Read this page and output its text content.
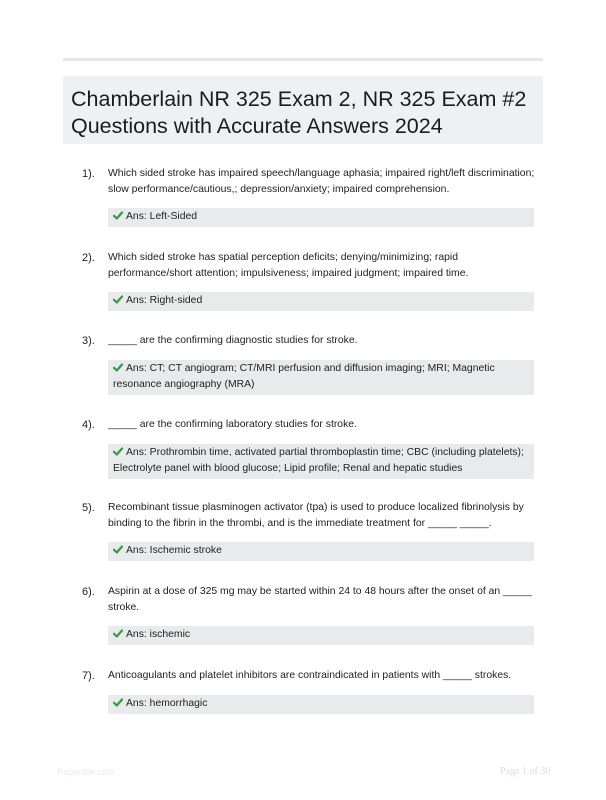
Chamberlain NR 325 Exam 2, NR 325 Exam #2 Questions with Accurate Answers 2024
1). Which sided stroke has impaired speech/language aphasia; impaired right/left discrimination; slow performance/cautious,; depression/anxiety; impaired comprehension.
Ans: Left-Sided
2). Which sided stroke has spatial perception deficits; denying/minimizing; rapid performance/short attention; impulsiveness; impaired judgment; impaired time.
Ans: Right-sided
3). _____ are the confirming diagnostic studies for stroke.
Ans: CT; CT angiogram; CT/MRI perfusion and diffusion imaging; MRI; Magnetic resonance angiography (MRA)
4). _____ are the confirming laboratory studies for stroke.
Ans: Prothrombin time, activated partial thromboplastin time; CBC (including platelets); Electrolyte panel with blood glucose; Lipid profile; Renal and hepatic studies
5). Recombinant tissue plasminogen activator (tpa) is used to produce localized fibrinolysis by binding to the fibrin in the thrombi, and is the immediate treatment for _____ _____.
Ans: Ischemic stroke
6). Aspirin at a dose of 325 mg may be started within 24 to 48 hours after the onset of an _____ stroke.
Ans: ischemic
7). Anticoagulants and platelet inhibitors are contraindicated in patients with _____ strokes.
Ans: hemorrhagic
Papertitle.com	Page 1 of 30
